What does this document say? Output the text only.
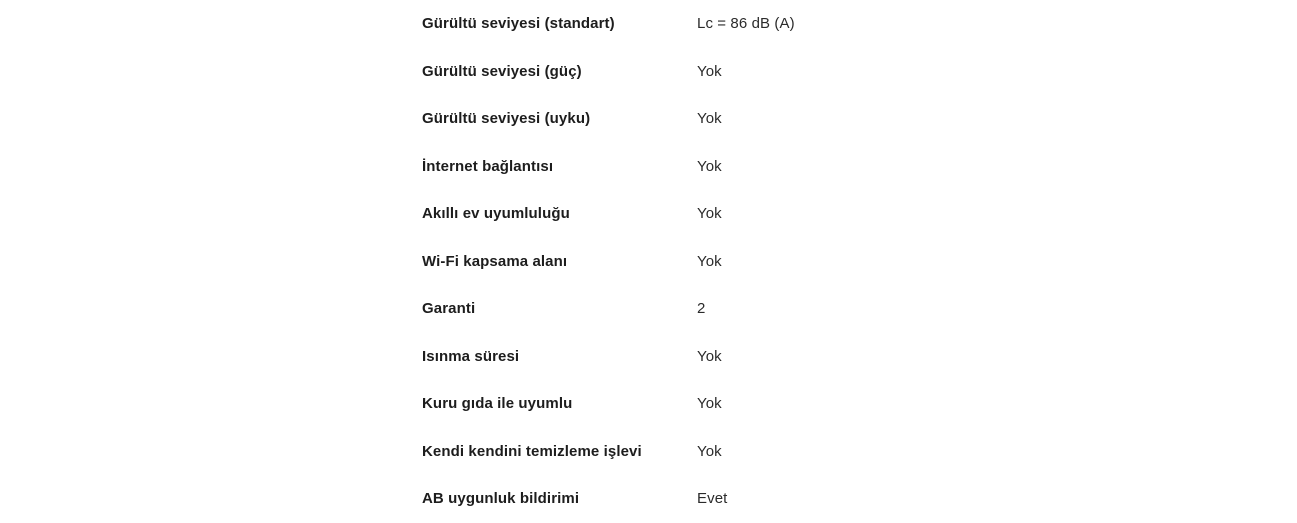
Gürültü seviyesi (standart)	Lc = 86 dB (A)
Gürültü seviyesi (güç)	Yok
Gürültü seviyesi (uyku)	Yok
İnternet bağlantısı	Yok
Akıllı ev uyumluluğu	Yok
Wi-Fi kapsama alanı	Yok
Garanti	2
Isınma süresi	Yok
Kuru gıda ile uyumlu	Yok
Kendi kendini temizleme işlevi	Yok
AB uygunluk bildirimi	Evet
